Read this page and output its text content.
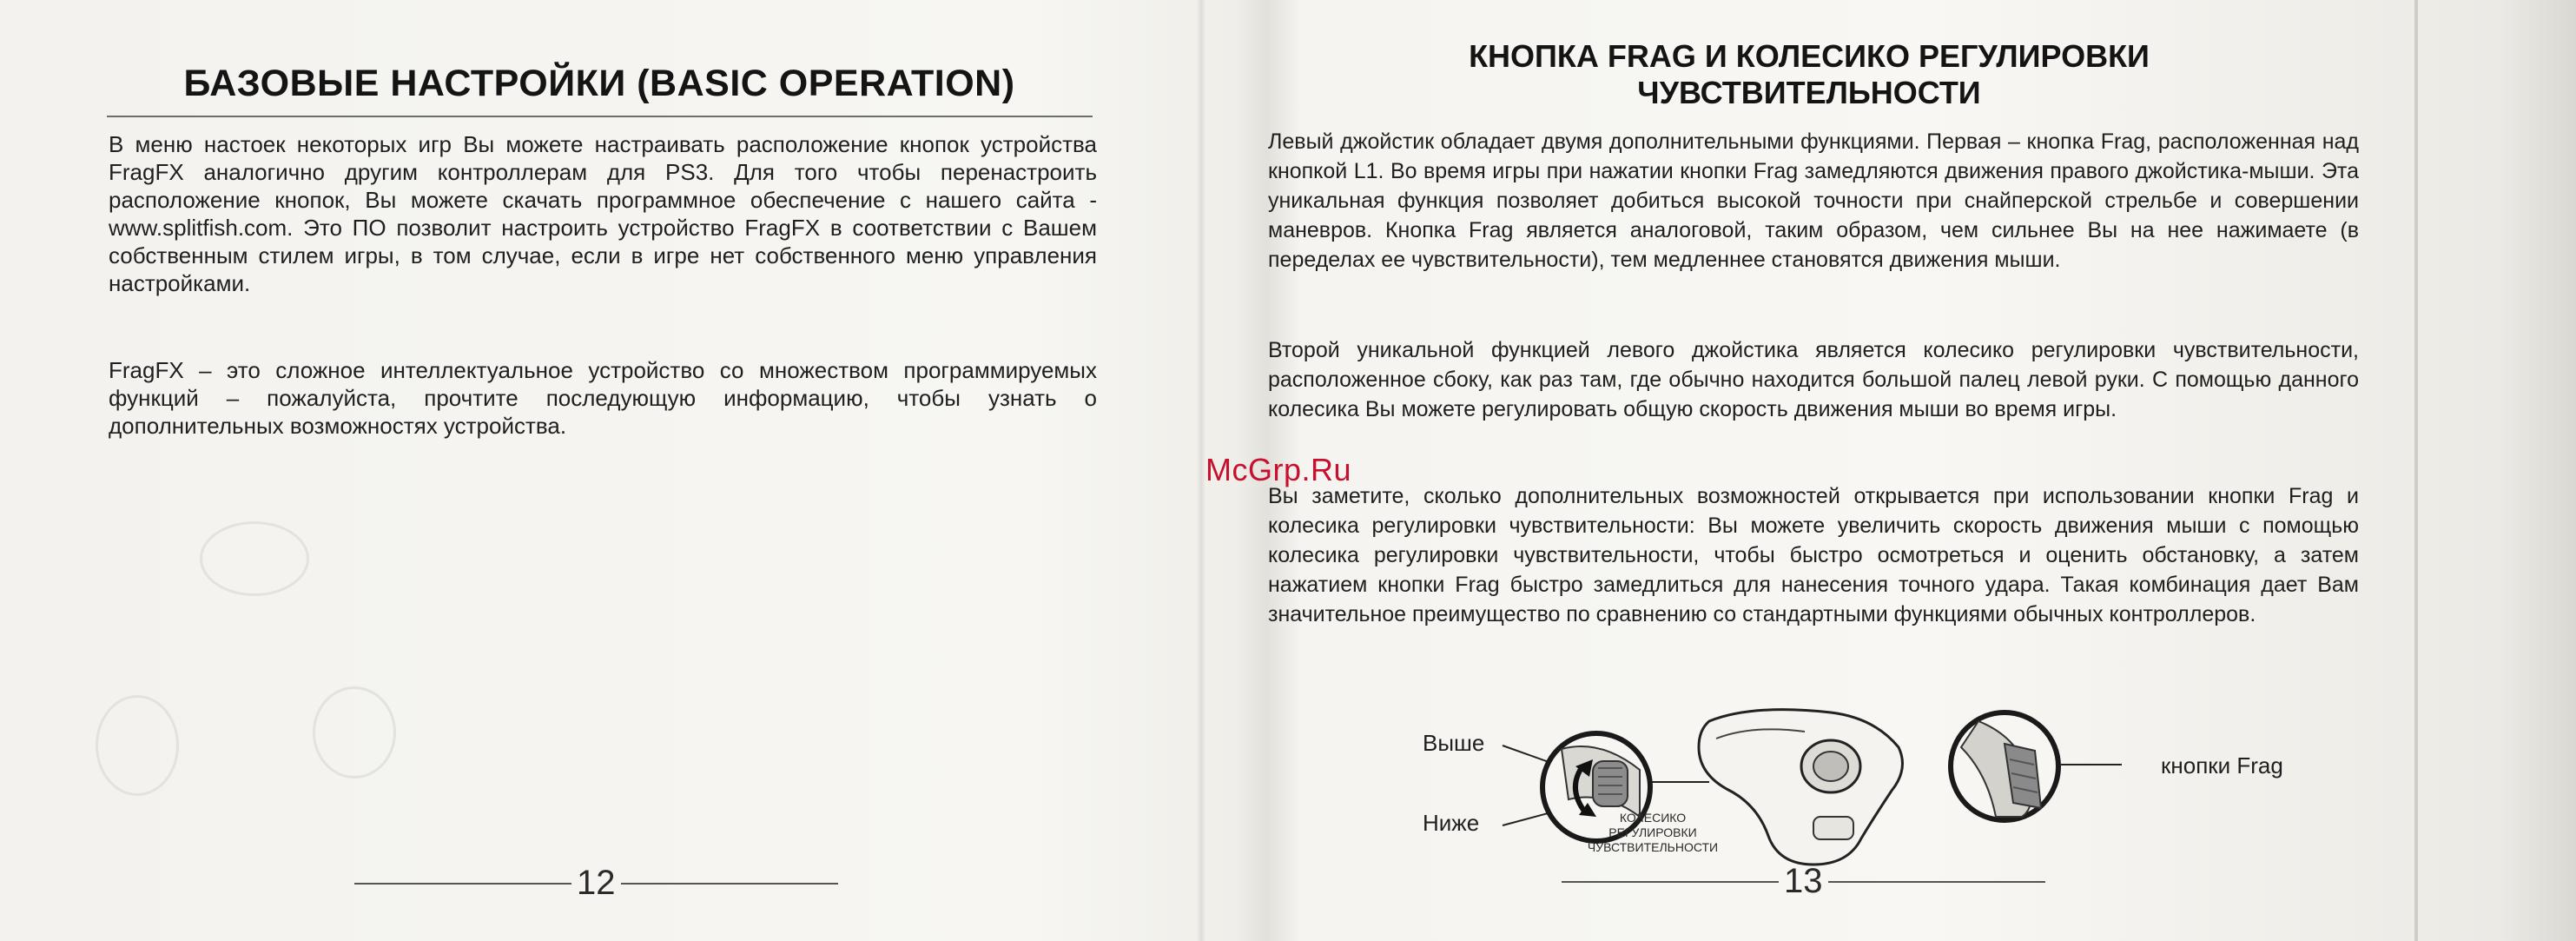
БАЗОВЫЕ НАСТРОЙКИ (BASIC OPERATION)

В меню настоек некоторых игр Вы можете настраивать расположение кнопок устройства FragFX аналогично другим контроллерам для PS3. Для того чтобы перенастроить расположение кнопок, Вы можете скачать программное обеспечение с нашего сайта - www.splitfish.com. Это ПО позволит настроить устройство FragFX в соответствии с Вашем собственным стилем игры, в том случае, если в игре нет собственного меню управления настройками.

FragFX – это сложное интеллектуальное устройство со множеством программируемых функций – пожалуйста, прочтите последующую информацию, чтобы узнать о дополнительных возможностях устройства.

12
КНОПКА FRAG И КОЛЕСИКО РЕГУЛИРОВКИ
ЧУВСТВИТЕЛЬНОСТИ

Левый джойстик обладает двумя дополнительными функциями. Первая – кнопка Frag, расположенная над кнопкой L1. Во время игры при нажатии кнопки Frag замедляются движения правого джойстика-мыши. Эта уникальная функция позволяет добиться высокой точности при снайперской стрельбе и совершении маневров. Кнопка Frag является аналоговой, таким образом, чем сильнее Вы на нее нажимаете (в переделах ее чувствительности), тем медленнее становятся движения мыши.

Второй уникальной функцией левого джойстика является колесико регулировки чувствительности, расположенное сбоку, как раз там, где обычно находится большой палец левой руки. С помощью данного колесика Вы можете регулировать общую скорость движения мыши во время игры.

Вы заметите, сколько дополнительных возможностей открывается при использовании кнопки Frag и колесика регулировки чувствительности: Вы можете увеличить скорость движения мыши с помощью колесика регулировки чувствительности, чтобы быстро осмотреться и оценить обстановку, а затем нажатием кнопки Frag быстро замедлиться для нанесения точного удара. Такая комбинация дает Вам значительное преимущество по сравнению со стандартными функциями обычных контроллеров.

Выше
Ниже
кнопки Frag
КОЛЕСИКО
РЕГУЛИРОВКИ
ЧУВСТВИТЕЛЬНОСТИ
13
McGrp.Ru
